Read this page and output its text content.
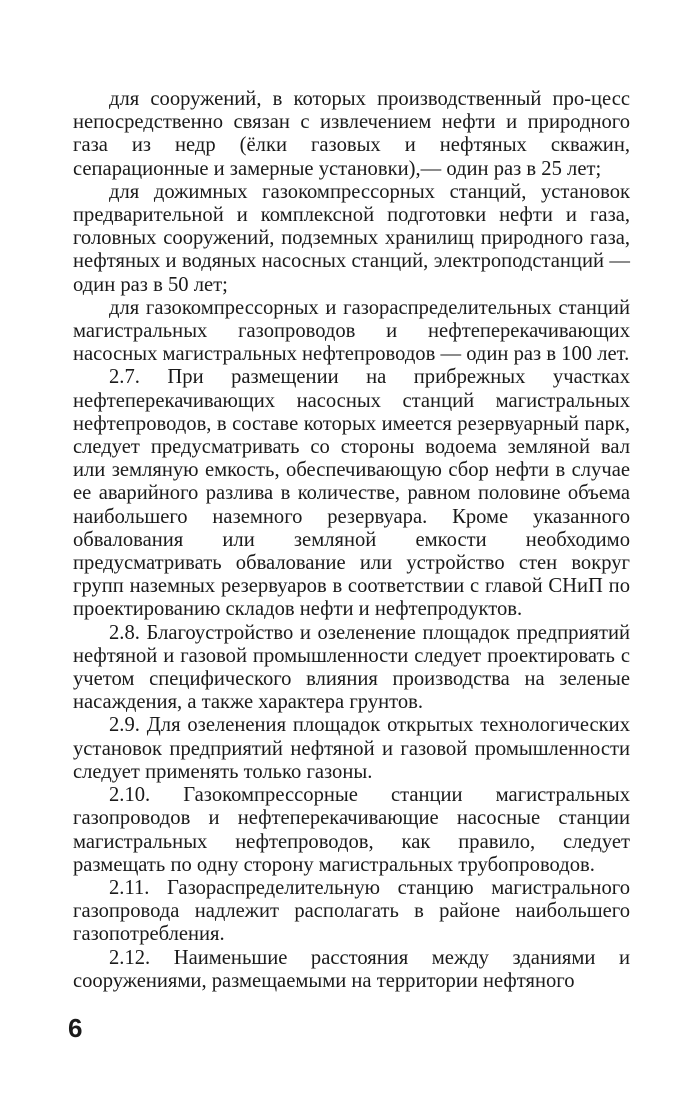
для сооружений, в которых производственный про-цесс непосредственно связан с извлечением нефти и природного газа из недр (ёлки газовых и нефтяных скважин, сепарационные и замерные установки),— один раз в 25 лет;

для дожимных газокомпрессорных станций, установок предварительной и комплексной подготовки нефти и газа, головных сооружений, подземных хранилищ природного газа, нефтяных и водяных насосных станций, электроподстанций — один раз в 50 лет;

для газокомпрессорных и газораспределительных станций магистральных газопроводов и нефтеперекачивающих насосных магистральных нефтепроводов — один раз в 100 лет.

2.7. При размещении на прибрежных участках нефтеперекачивающих насосных станций магистральных нефтепроводов, в составе которых имеется резервуарный парк, следует предусматривать со стороны водоема земляной вал или земляную емкость, обеспечивающую сбор нефти в случае ее аварийного разлива в количестве, равном половине объема наибольшего наземного резервуара. Кроме указанного обвалования или земляной емкости необходимо предусматривать обвалование или устройство стен вокруг групп наземных резервуаров в соответствии с главой СНиП по проектированию складов нефти и нефтепродуктов.

2.8. Благоустройство и озеленение площадок предприятий нефтяной и газовой промышленности следует проектировать с учетом специфического влияния производства на зеленые насаждения, а также характера грунтов.

2.9. Для озеленения площадок открытых технологических установок предприятий нефтяной и газовой промышленности следует применять только газоны.

2.10. Газокомпрессорные станции магистральных газопроводов и нефтеперекачивающие насосные станции магистральных нефтепроводов, как правило, следует размещать по одну сторону магистральных трубопроводов.

2.11. Газораспределительную станцию магистрального газопровода надлежит располагать в районе наибольшего газопотребления.

2.12. Наименьшие расстояния между зданиями и сооружениями, размещаемыми на территории нефтяного

6
